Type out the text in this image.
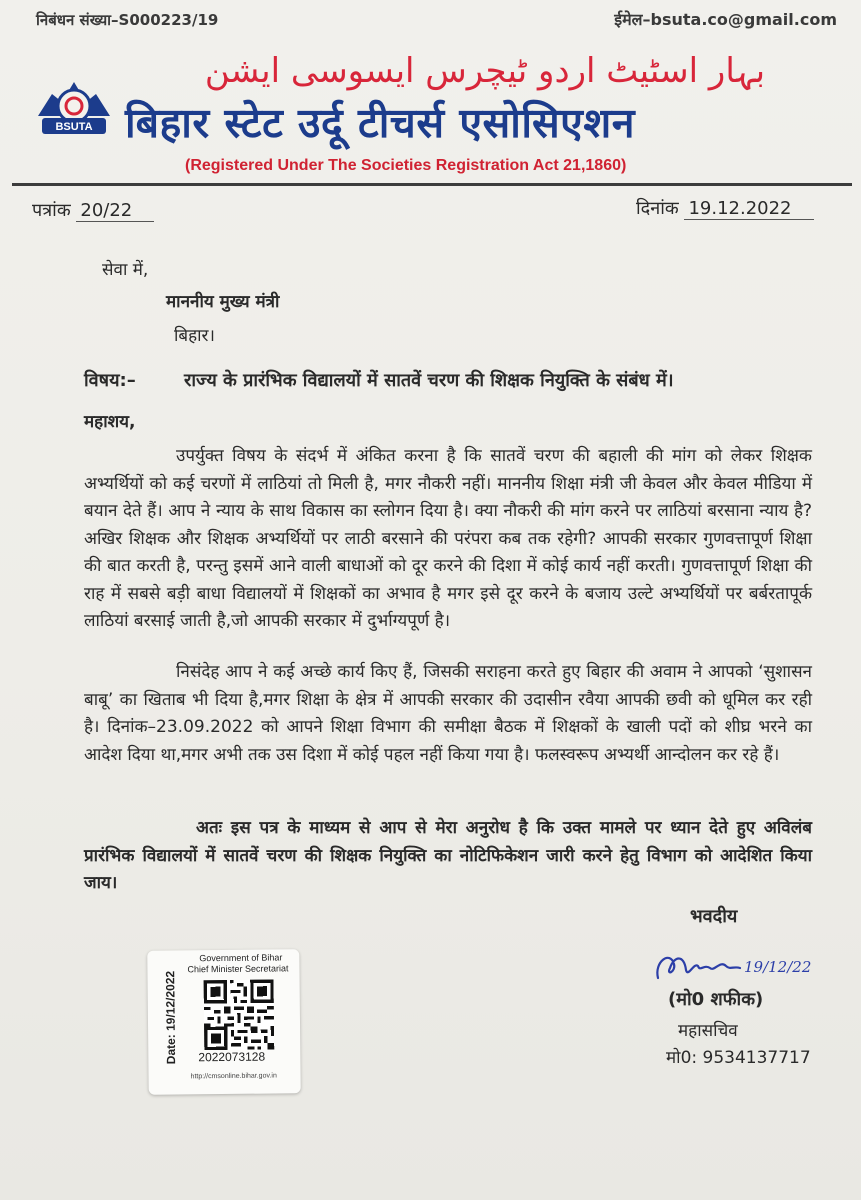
निबंधन संख्या–S000223/19	ईमेल–bsuta.co@gmail.com
بہار اسٹیٹ اردو ٹیچرس ایسوسی ایشن
BSUTA बिहार स्टेट उर्दू टीचर्स एसोसिएशन
(Registered Under The Societies Registration Act 21,1860)
पत्रांक 20/22	दिनांक 19.12.2022
सेवा में,
माननीय मुख्य मंत्री
बिहार।
विषय:–	राज्य के प्रारंभिक विद्यालयों में सातवें चरण की शिक्षक नियुक्ति के संबंध में।
महाशय,
उपर्युक्त विषय के संदर्भ में अंकित करना है कि सातवें चरण की बहाली की मांग को लेकर शिक्षक अभ्यर्थियों को कई चरणों में लाठियां तो मिली है, मगर नौकरी नहीं। माननीय शिक्षा मंत्री जी केवल और केवल मीडिया में बयान देते हैं। आप ने न्याय के साथ विकास का स्लोगन दिया है। क्या नौकरी की मांग करने पर लाठियां बरसाना न्याय है? अखिर शिक्षक और शिक्षक अभ्यर्थियों पर लाठी बरसाने की परंपरा कब तक रहेगी? आपकी सरकार गुणवत्तापूर्ण शिक्षा की बात करती है, परन्तु इसमें आने वाली बाधाओं को दूर करने की दिशा में कोई कार्य नहीं करती। गुणवत्तापूर्ण शिक्षा की राह में सबसे बड़ी बाधा विद्यालयों में शिक्षकों का अभाव है मगर इसे दूर करने के बजाय उल्टे अभ्यर्थियों पर बर्बरतापूर्क लाठियां बरसाई जाती है,जो आपकी सरकार में दुर्भाग्यपूर्ण है।
निसंदेह आप ने कई अच्छे कार्य किए हैं, जिसकी सराहना करते हुए बिहार की अवाम ने आपको ‘सुशासन बाबू’ का खिताब भी दिया है,मगर शिक्षा के क्षेत्र में आपकी सरकार की उदासीन रवैया आपकी छवी को धूमिल कर रही है। दिनांक–23.09.2022 को आपने शिक्षा विभाग की समीक्षा बैठक में शिक्षकों के खाली पदों को शीघ्र भरने का आदेश दिया था,मगर अभी तक उस दिशा में कोई पहल नहीं किया गया है। फलस्वरूप अभ्यर्थी आन्दोलन कर रहे हैं।
अतः इस पत्र के माध्यम से आप से मेरा अनुरोध है कि उक्त मामले पर ध्यान देते हुए अविलंब प्रारंभिक विद्यालयों में सातवें चरण की शिक्षक नियुक्ति का नोटिफिकेशन जारी करने हेतु विभाग को आदेशित किया जाय।
भवदीय
19/12/22
(मो0 शफीक)
महासचिव
मो0: 9534137717
Government of Bihar
Chief Minister Secretariat
Date: 19/12/2022 2022073128
http://cmsonline.bihar.gov.in
